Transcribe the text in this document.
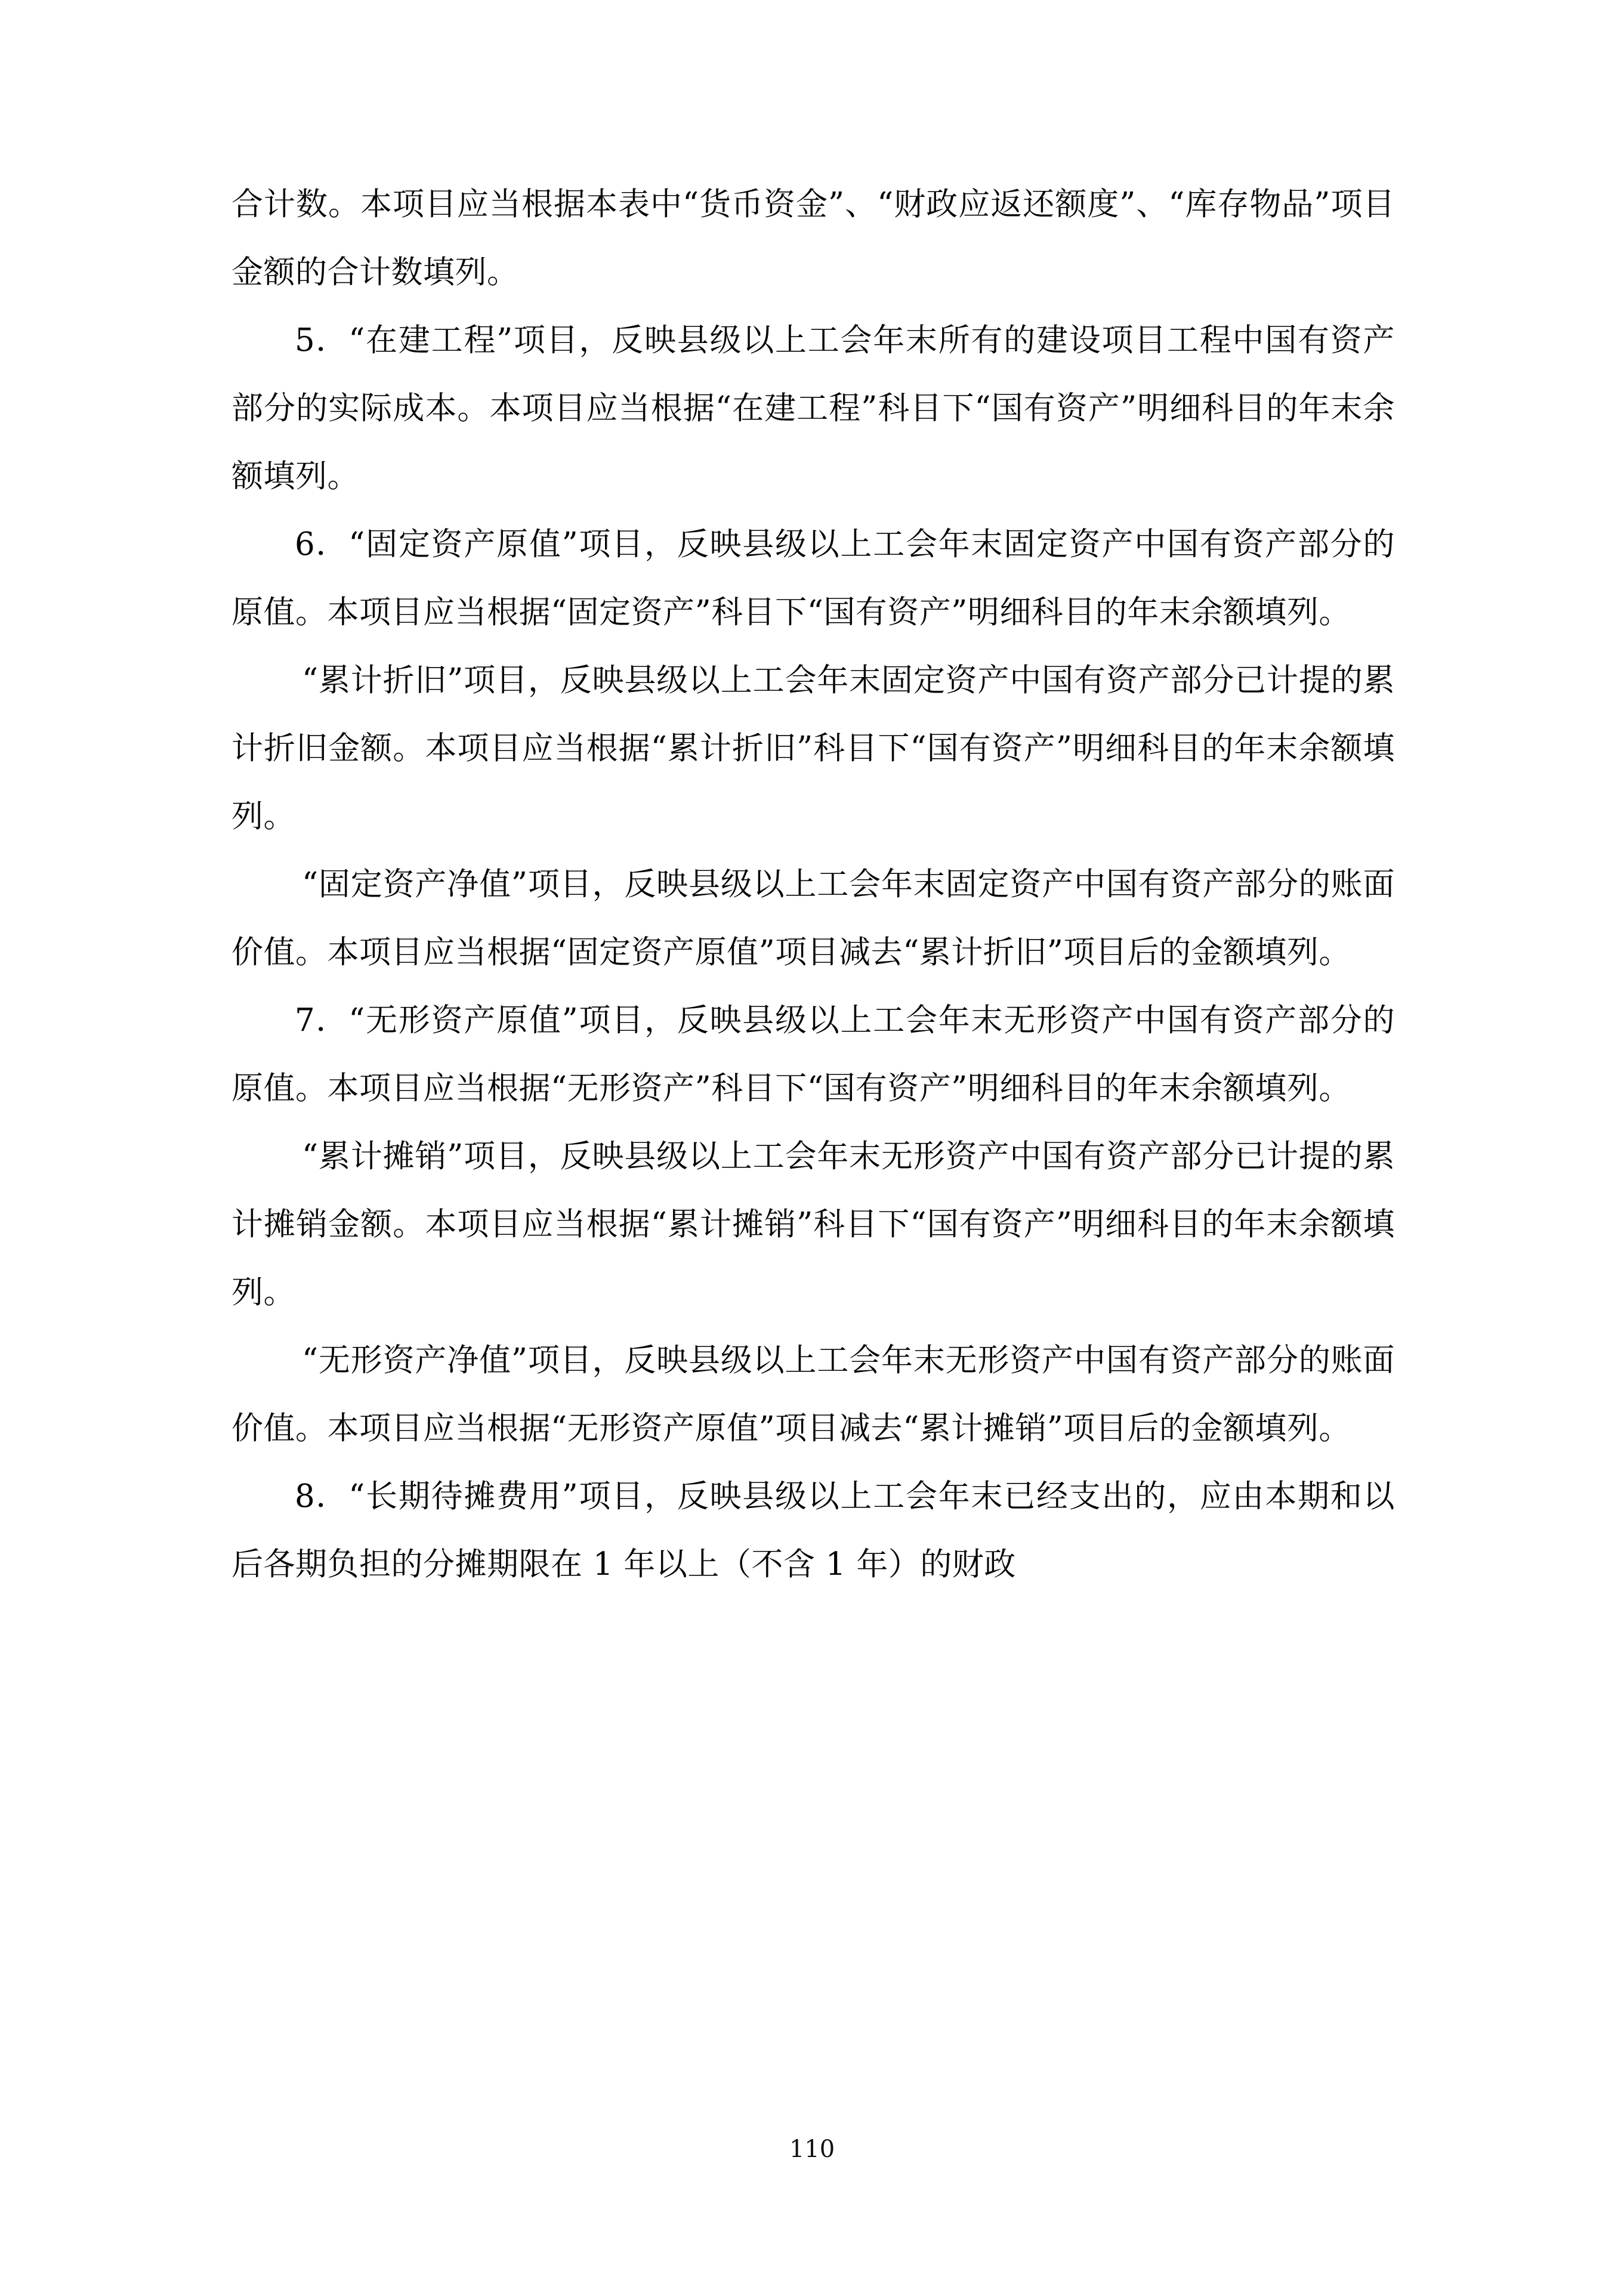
合计数。本项目应当根据本表中“货币资金”、“财政应返还额度”、“库存物品”项目金额的合计数填列。

5．“在建工程”项目，反映县级以上工会年末所有的建设项目工程中国有资产部分的实际成本。本项目应当根据“在建工程”科目下“国有资产”明细科目的年末余额填列。

6．“固定资产原值”项目，反映县级以上工会年末固定资产中国有资产部分的原值。本项目应当根据“固定资产”科目下“国有资产”明细科目的年末余额填列。

“累计折旧”项目，反映县级以上工会年末固定资产中国有资产部分已计提的累计折旧金额。本项目应当根据“累计折旧”科目下“国有资产”明细科目的年末余额填列。

“固定资产净值”项目，反映县级以上工会年末固定资产中国有资产部分的账面价值。本项目应当根据“固定资产原值”项目减去“累计折旧”项目后的金额填列。

7．“无形资产原值”项目，反映县级以上工会年末无形资产中国有资产部分的原值。本项目应当根据“无形资产”科目下“国有资产”明细科目的年末余额填列。

“累计摊销”项目，反映县级以上工会年末无形资产中国有资产部分已计提的累计摊销金额。本项目应当根据“累计摊销”科目下“国有资产”明细科目的年末余额填列。

“无形资产净值”项目，反映县级以上工会年末无形资产中国有资产部分的账面价值。本项目应当根据“无形资产原值”项目减去“累计摊销”项目后的金额填列。

8．“长期待摊费用”项目，反映县级以上工会年末已经支出的，应由本期和以后各期负担的分摊期限在 1 年以上（不含 1 年）的财政

110
